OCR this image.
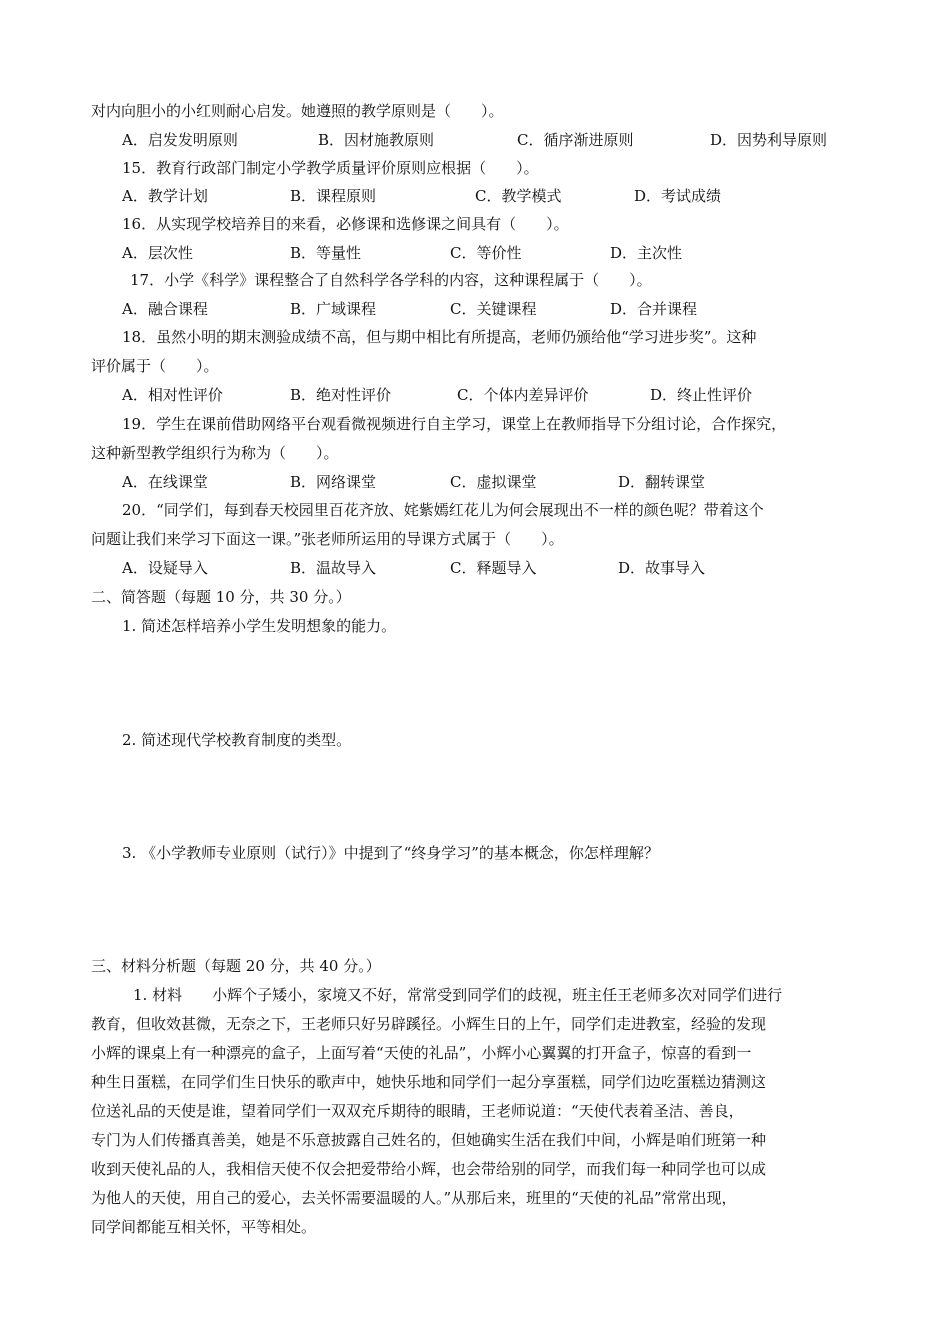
对内向胆小的小红则耐心启发。她遵照的教学原则是（　　）。
A．启发发明原则	B．因材施教原则	C．循序渐进原则	D．因势利导原则
15．教育行政部门制定小学教学质量评价原则应根据（　　）。
A．教学计划	B．课程原则	C．教学模式	D．考试成绩
16．从实现学校培养目的来看，必修课和选修课之间具有（　　）。
A．层次性	B．等量性	C．等价性	D．主次性
17．小学《科学》课程整合了自然科学各学科的内容，这种课程属于（　　）。
A．融合课程	B．广域课程	C．关键课程	D．合并课程
18．虽然小明的期末测验成绩不高，但与期中相比有所提高，老师仍颁给他“学习进步奖”。这种
评价属于（　　）。
A．相对性评价	B．绝对性评价	C．个体内差异评价	D．终止性评价
19．学生在课前借助网络平台观看微视频进行自主学习，课堂上在教师指导下分组讨论，合作探究，
这种新型教学组织行为称为（　　）。
A．在线课堂	B．网络课堂	C．虚拟课堂	D．翻转课堂
20．“同学们，每到春天校园里百花齐放、姹紫嫣红花儿为何会展现出不一样的颜色呢？带着这个
问题让我们来学习下面这一课。”张老师所运用的导课方式属于（　　）。
A．设疑导入	B．温故导入	C．释题导入	D．故事导入
二、简答题（每题 10 分，共 30 分。）
1. 简述怎样培养小学生发明想象的能力。
2. 简述现代学校教育制度的类型。
3. 《小学教师专业原则（试行）》中提到了“终身学习”的基本概念，你怎样理解？
三、材料分析题（每题 20 分，共 40 分。）
1. 材料　　小辉个子矮小，家境又不好，常常受到同学们的歧视，班主任王老师多次对同学们进行
教育，但收效甚微，无奈之下，王老师只好另辟蹊径。小辉生日的上午，同学们走进教室，经验的发现
小辉的课桌上有一种漂亮的盒子，上面写着“天使的礼品”，小辉小心翼翼的打开盒子，惊喜的看到一
种生日蛋糕，在同学们生日快乐的歌声中，她快乐地和同学们一起分享蛋糕，同学们边吃蛋糕边猜测这
位送礼品的天使是谁，望着同学们一双双充斥期待的眼睛，王老师说道：“天使代表着圣洁、善良，
专门为人们传播真善美，她是不乐意披露自己姓名的，但她确实生活在我们中间，小辉是咱们班第一种
收到天使礼品的人，我相信天使不仅会把爱带给小辉，也会带给别的同学，而我们每一种同学也可以成
为他人的天使，用自己的爱心，去关怀需要温暖的人。”从那后来，班里的“天使的礼品”常常出现，
同学间都能互相关怀，平等相处。
